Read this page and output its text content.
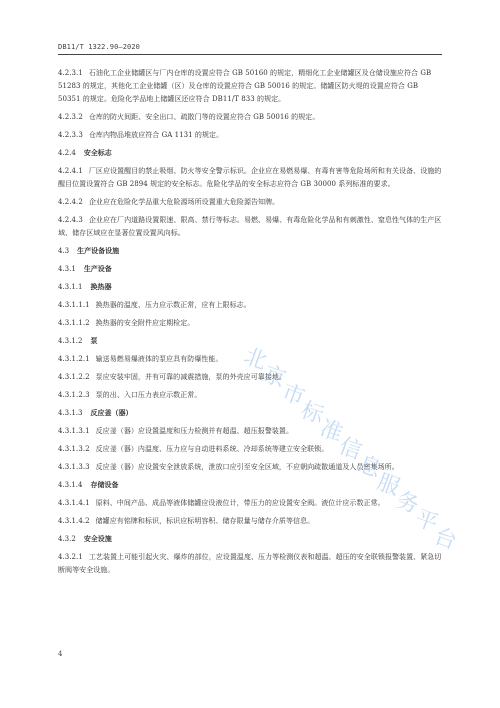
DB11/T 1322.90—2020
4.2.3.1 石油化工企业储罐区与厂内仓库的设置应符合 GB 50160 的规定，精细化工企业储罐区及仓储设施应符合 GB 51283 的规定，其他化工企业储罐（区）及仓库的设置应符合 GB 50016 的规定。储罐区防火堤的设置应符合 GB 50351 的规定。危险化学品地上储罐区还应符合 DB11/T 833 的规定。
4.2.3.2 仓库的防火间距、安全出口、疏散门等的设置应符合 GB 50016 的规定。
4.2.3.3 仓库内物品堆放应符合 GA 1131 的规定。
4.2.4 安全标志
4.2.4.1 厂区应设置醒目的禁止吸烟、防火等安全警示标识。企业应在易燃易爆、有毒有害等危险场所和有关设备、设施的醒目位置设置符合 GB 2894 规定的安全标志。危险化学品的安全标志应符合 GB 30000 系列标准的要求。
4.2.4.2 企业应在危险化学品重大危险源场所设置重大危险源告知牌。
4.2.4.3 企业应在厂内道路设置限速、限高、禁行等标志。易燃、易爆、有毒危险化学品和有刺激性、窒息性气体的生产区域、储存区域应在显著位置设置风向标。
4.3 生产设备设施
4.3.1 生产设备
4.3.1.1 换热器
4.3.1.1.1 换热器的温度、压力应示数正常，应有上限标志。
4.3.1.1.2 换热器的安全附件应定期检定。
4.3.1.2 泵
4.3.1.2.1 输送易燃易爆液体的泵应具有防爆性能。
4.3.1.2.2 泵应安装牢固，并有可靠的减震措施，泵的外壳应可靠接地。
4.3.1.2.3 泵的出、入口压力表应示数正常。
4.3.1.3 反应釜（器）
4.3.1.3.1 反应釜（器）应设置温度和压力检测并有超温、超压报警装置。
4.3.1.3.2 反应釜（器）内温度、压力应与自动进料系统、冷却系统等建立安全联锁。
4.3.1.3.3 反应釜（器）应设置安全泄放系统，泄放口应引至安全区域，不应朝向疏散通道及人员密集场所。
4.3.1.4 存储设备
4.3.1.4.1 原料、中间产品、成品等液体储罐应设液位计，带压力的应设置安全阀。液位计应示数正常。
4.3.1.4.2 储罐应有铭牌和标识，标识应标明容积、储存限量与储存介质等信息。
4.3.2 安全设施
4.3.2.1 工艺装置上可能引起火灾、爆炸的部位，应设置温度、压力等检测仪表和超温、超压的安全联锁报警装置、紧急切断阀等安全设施。
北
京
市
标
准
信
息
服
务
平
台
4
